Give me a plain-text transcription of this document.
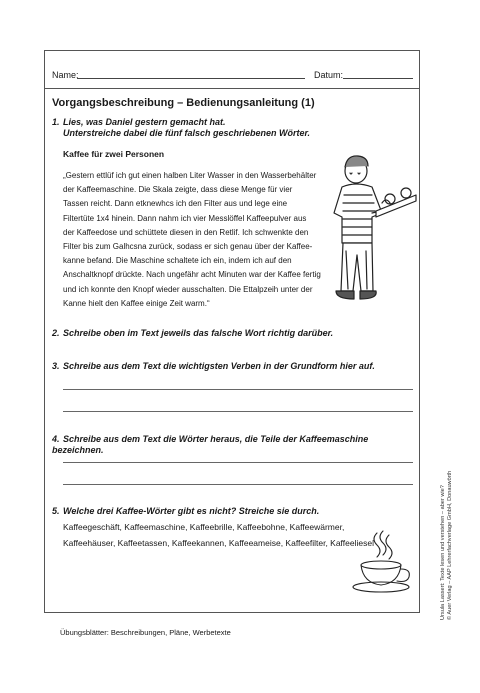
Name:	Datum:
Vorgangsbeschreibung – Bedienungsanleitung (1)
1. Lies, was Daniel gestern gemacht hat.
Unterstreiche dabei die fünf falsch geschriebenen Wörter.
Kaffee für zwei Personen
„Gestern ettlüf ich gut einen halben Liter Wasser in den Wasserbehälter
der Kaffeemaschine. Die Skala zeigte, dass diese Menge für vier
Tassen reicht. Dann etknewhcs ich den Filter aus und lege eine
Filtertüte 1x4 hinein. Dann nahm ich vier Messlöffel Kaffeepulver aus
der Kaffeedose und schüttete diesen in den Retlif. Ich schwenkte den
Filter bis zum Galhcsna zurück, sodass er sich genau über der Kaffee-
kanne befand. Die Maschine schaltete ich ein, indem ich auf den
Anschaltknopf drückte. Nach ungefähr acht Minuten war der Kaffee fertig
und ich konnte den Knopf wieder ausschalten. Die Ettalpzeih unter der
Kanne hielt den Kaffee einige Zeit warm.“
2. Schreibe oben im Text jeweils das falsche Wort richtig darüber.
3. Schreibe aus dem Text die wichtigsten Verben in der Grundform hier auf.
4. Schreibe aus dem Text die Wörter heraus, die Teile der Kaffeemaschine bezeichnen.
5. Welche drei Kaffee-Wörter gibt es nicht? Streiche sie durch.
Kaffeegeschäft, Kaffeemaschine, Kaffeebrille, Kaffeebohne, Kaffeewärmer,
Kaffeehäuser, Kaffeetassen, Kaffeekannen, Kaffeeameise, Kaffeefilter, Kaffeeliesel	Ursula Lassert: Texte lesen und verstehen – aber wie? © Auer Verlag – AAP Lehrerfachverlage GmbH, Donauwörth
Übungsblätter: Beschreibungen, Pläne, Werbetexte
